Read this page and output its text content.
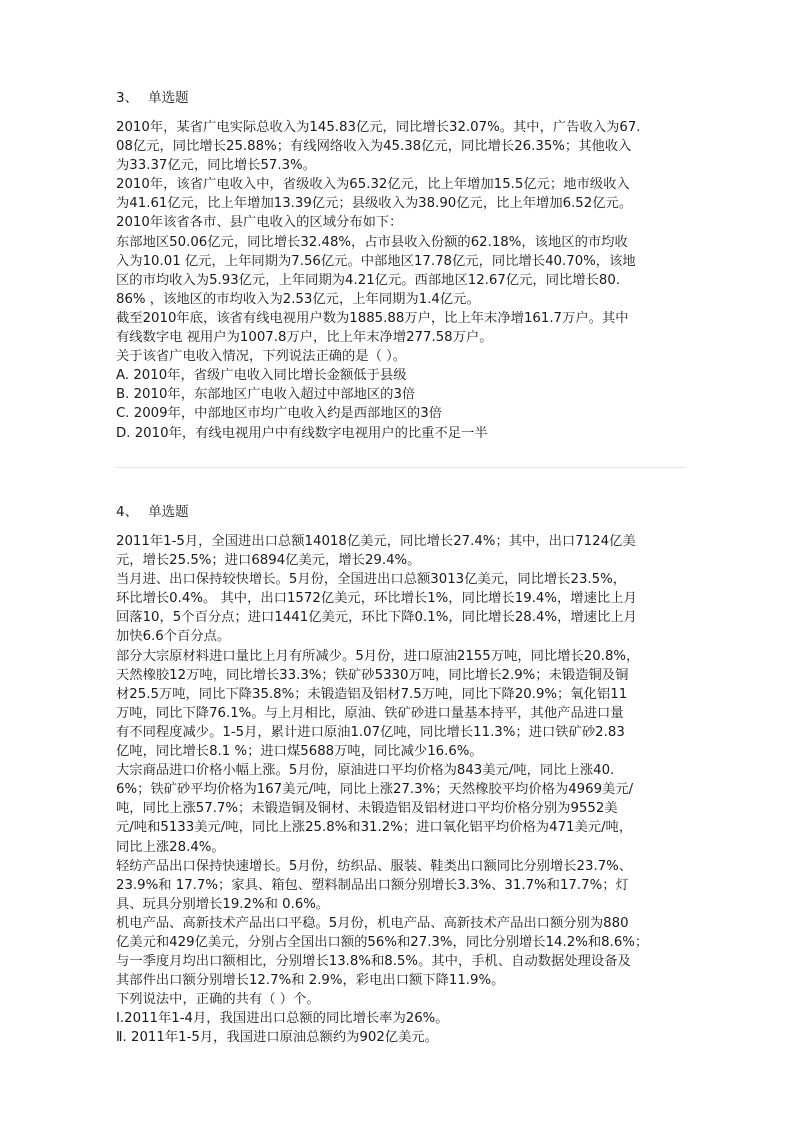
3、 单选题

2010年，某省广电实际总收入为145.83亿元，同比增长32.07%。其中，广告收入为67.

08亿元，同比增长25.88%；有线网络收入为45.38亿元，同比增长26.35%；其他收入

为33.37亿元，同比增长57.3%。

2010年，该省广电收入中，省级收入为65.32亿元，比上年增加15.5亿元；地市级收入

为41.61亿元，比上年增加13.39亿元；县级收入为38.90亿元，比上年增加6.52亿元。

2010年该省各市、县广电收入的区域分布如下：

东部地区50.06亿元，同比增长32.48%，占市县收入份额的62.18%，该地区的市均收

入为10.01 亿元，上年同期为7.56亿元。中部地区17.78亿元，同比增长40.70%，该地

区的市均收入为5.93亿元，上年同期为4.21亿元。西部地区12.67亿元，同比增长80.

86% ，该地区的市均收入为2.53亿元，上年同期为1.4亿元。

截至2010年底，该省有线电视用户数为1885.88万户，比上年末净增161.7万户。其中

有线数字电 视用户为1007.8万户，比上年末净增277.58万户。

关于该省广电收入情况，下列说法正确的是（ ）。

A. 2010年，省级广电收入同比增长金额低于县级

B. 2010年，东部地区广电收入超过中部地区的3倍

C. 2009年，中部地区市均广电收入约是西部地区的3倍

D. 2010年，有线电视用户中有线数字电视用户的比重不足一半

4、 单选题

2011年1-5月，全国进出口总额14018亿美元，同比增长27.4%；其中，出口7124亿美

元，增长25.5%；进口6894亿美元，增长29.4%。

当月进、出口保持较快增长。5月份，全国进出口总额3013亿美元，同比增长23.5%，

环比增长0.4%。 其中，出口1572亿美元，环比增长1%，同比增长19.4%，增速比上月

回落10，5个百分点；进口1441亿美元，环比下降0.1%，同比增长28.4%，增速比上月

加快6.6个百分点。

部分大宗原材料进口量比上月有所减少。5月份，进口原油2155万吨，同比增长20.8%，

天然橡胶12万吨，同比增长33.3%；铁矿砂5330万吨，同比增长2.9%；未锻造铜及铜

材25.5万吨，同比下降35.8%；未锻造铝及铝材7.5万吨，同比下降20.9%；氧化铝11

万吨，同比下降76.1%。与上月相比，原油、铁矿砂进口量基本持平，其他产品进口量

有不同程度减少。1-5月，累计进口原油1.07亿吨，同比增长11.3%；进口铁矿砂2.83

亿吨，同比增长8.1 %；进口煤5688万吨，同比减少16.6%。

大宗商品进口价格小幅上涨。5月份，原油进口平均价格为843美元/吨，同比上涨40.

6%；铁矿砂平均价格为167美元/吨，同比上涨27.3%；天然橡胶平均价格为4969美元/

吨，同比上涨57.7%；未锻造铜及铜材、未锻造铝及铝材进口平均价格分别为9552美

元/吨和5133美元/吨，同比上涨25.8%和31.2%；进口氧化铝平均价格为471美元/吨，

同比上涨28.4%。

轻纺产品出口保持快速增长。5月份，纺织品、服装、鞋类出口额同比分别增长23.7%、

23.9%和 17.7%；家具、箱包、塑料制品出口额分别增长3.3%、31.7%和17.7%；灯

具、玩具分别增长19.2%和 0.6%。

机电产品、高新技术产品出口平稳。5月份，机电产品、高新技术产品出口额分别为880

亿美元和429亿美元，分别占全国出口额的56%和27.3%，同比分别增长14.2%和8.6%；

与一季度月均出口额相比，分别增长13.8%和8.5%。其中，手机、自动数据处理设备及

其部件出口额分别增长12.7%和 2.9%，彩电出口额下降11.9%。

下列说法中，正确的共有（ ）个。

Ⅰ.2011年1-4月，我国进出口总额的同比增长率为26%。

Ⅱ. 2011年1-5月，我国进口原油总额约为902亿美元。
